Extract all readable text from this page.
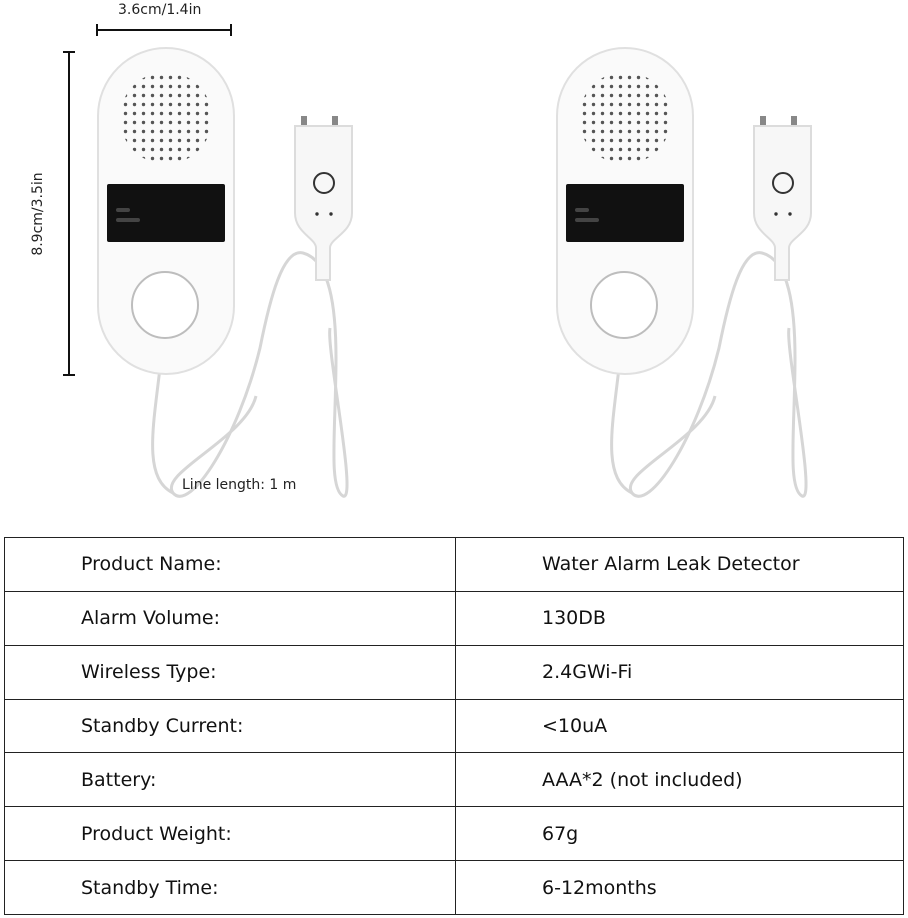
3.6cm/1.4in
8.9cm/3.5in
Line length: 1 m
Product Name:	Water Alarm Leak Detector
Alarm Volume:	130DB
Wireless Type:	2.4GWi-Fi
Standby Current:	<10uA
Battery:	AAA*2 (not included)
Product Weight:	67g
Standby Time:	6-12months
